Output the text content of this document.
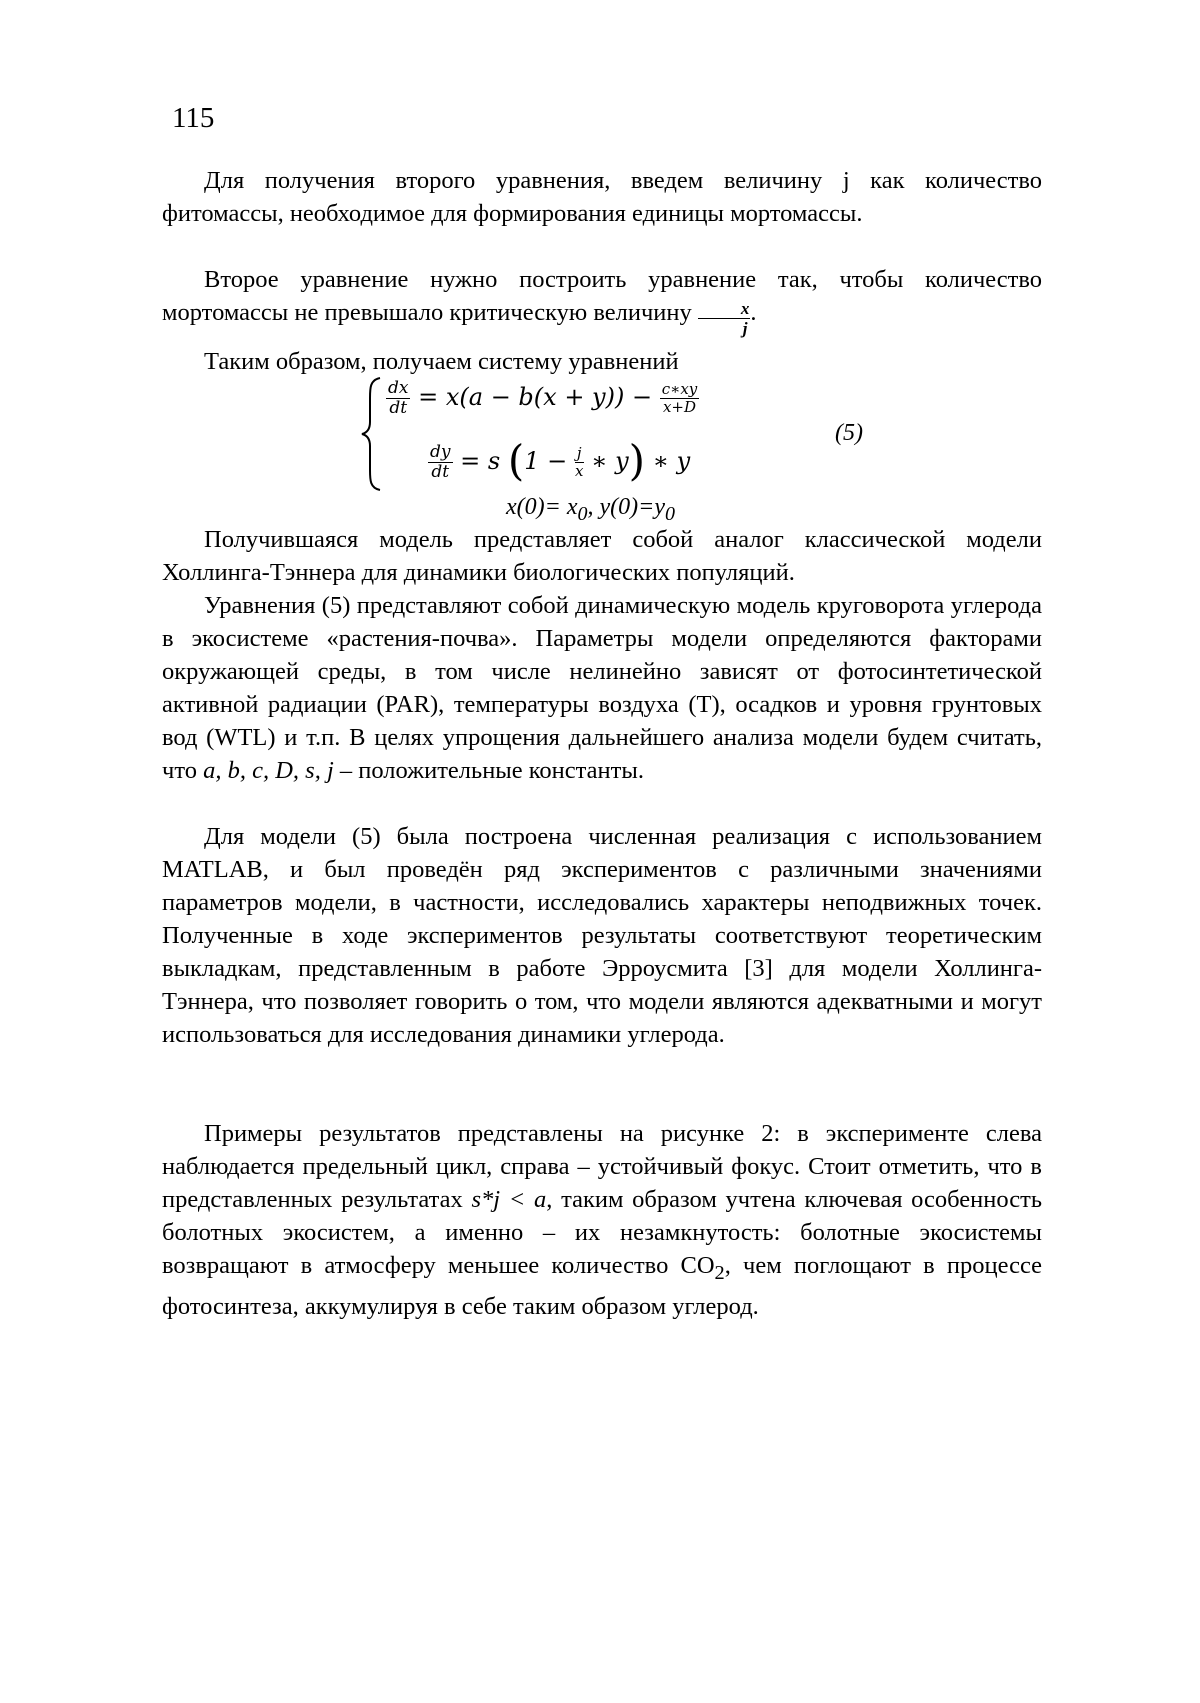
115

Для получения второго уравнения, введем величину j как количество фитомассы, необходимое для формирования единицы мортомассы.

Второе уравнение нужно построить уравнение так, чтобы количество мортомассы не превышало критическую величину $\frac{x}{j}$ .

Таким образом, получаем систему уравнений

$\frac{dx}{dt} = x(a - b(x + y)) - \frac{c∗xy}{x+D}$
$\frac{dy}{dt} = s$ ($1 - \frac{j}{x}$ ∗ y) ∗ y
(5)
$x(0)= x_0$, $y(0)=y_0$

Получившаяся модель представляет собой аналог классической модели Холлинга-Тэннера для динамики биологических популяций.

Уравнения (5) представляют собой динамическую модель круговорота углерода в экосистеме «растения-почва». Параметры модели определяются факторами окружающей среды, в том числе нелинейно зависят от фотосинтетической активной радиации (PAR), температуры воздуха (T), осадков и уровня грунтовых вод (WTL) и т.п. В целях упрощения дальнейшего анализа модели будем считать, что a, b, c, D, s, j – положительные константы.

Для модели (5) была построена численная реализация с использованием MATLAB, и был проведён ряд экспериментов с различными значениями параметров модели, в частности, исследовались характеры неподвижных точек. Полученные в ходе экспериментов результаты соответствуют теоретическим выкладкам, представленным в работе Эрроусмита [3] для модели Холлинга-Тэннера, что позволяет говорить о том, что модели являются адекватными и могут использоваться для исследования динамики углерода.

Примеры результатов представлены на рисунке 2: в эксперименте слева наблюдается предельный цикл, справа – устойчивый фокус. Стоит отметить, что в представленных результатах s*j < a, таким образом учтена ключевая особенность болотных экосистем, а именно – их незамкнутость: болотные экосистемы возвращают в атмосферу меньшее количество $CO_2$, чем поглощают в процессе фотосинтеза, аккумулируя в себе таким образом углерод.
